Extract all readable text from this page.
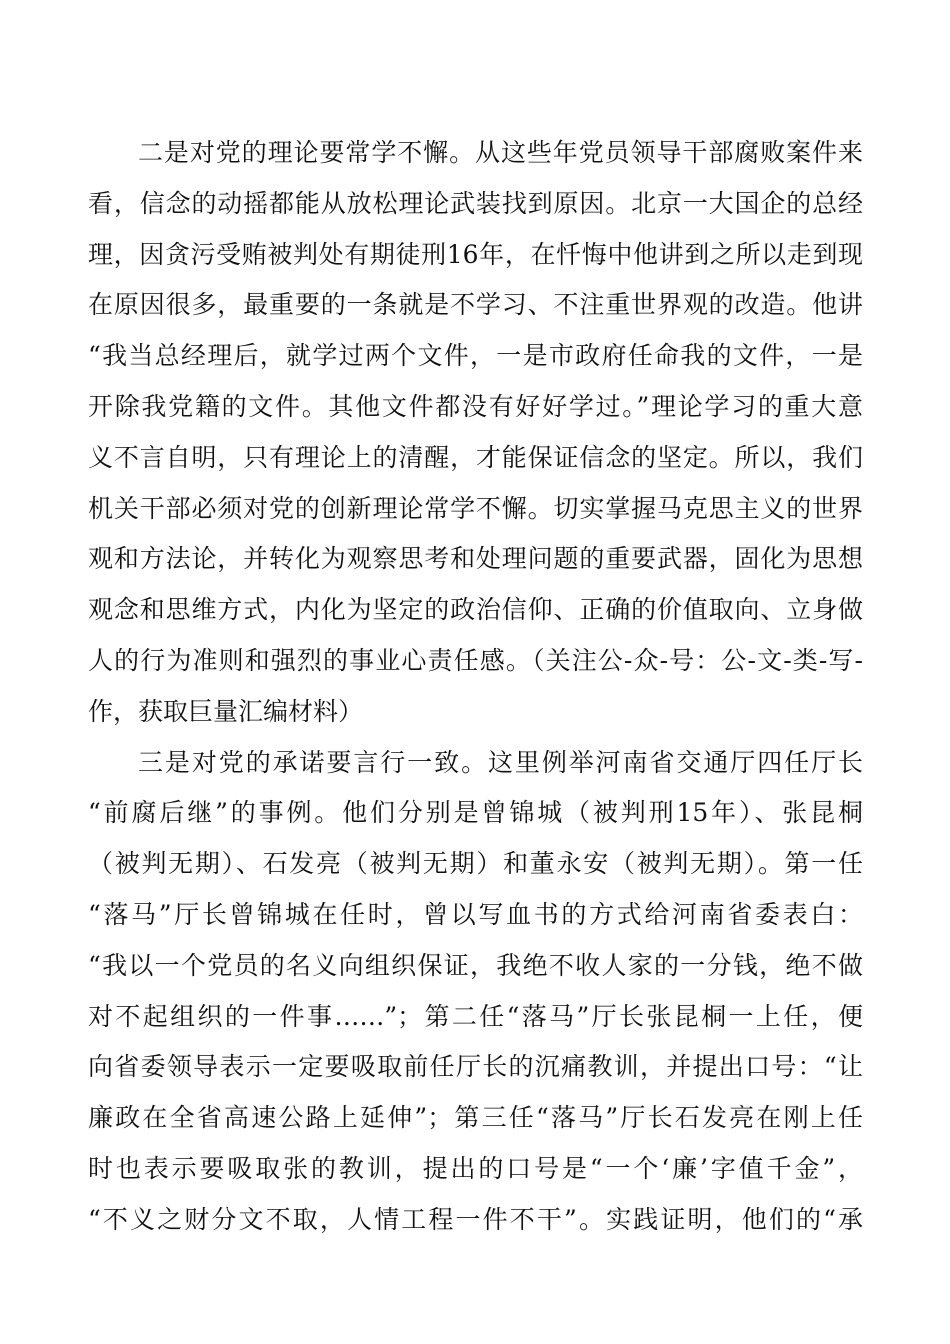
二是对党的理论要常学不懈。从这些年党员领导干部腐败案件来
看，信念的动摇都能从放松理论武装找到原因。北京一大国企的总经
理，因贪污受贿被判处有期徒刑16年，在忏悔中他讲到之所以走到现
在原因很多，最重要的一条就是不学习、不注重世界观的改造。他讲
“我当总经理后，就学过两个文件，一是市政府任命我的文件，一是
开除我党籍的文件。其他文件都没有好好学过。”理论学习的重大意
义不言自明，只有理论上的清醒，才能保证信念的坚定。所以，我们
机关干部必须对党的创新理论常学不懈。切实掌握马克思主义的世界
观和方法论，并转化为观察思考和处理问题的重要武器，固化为思想
观念和思维方式，内化为坚定的政治信仰、正确的价值取向、立身做
人的行为准则和强烈的事业心责任感。（关注公-众-号：公-文-类-写-
作，获取巨量汇编材料）
三是对党的承诺要言行一致。这里例举河南省交通厅四任厅长
“前腐后继”的事例。他们分别是曾锦城（被判刑15年）、张昆桐
（被判无期）、石发亮（被判无期）和董永安（被判无期）。第一任
“落马”厅长曾锦城在任时，曾以写血书的方式给河南省委表白：
“我以一个党员的名义向组织保证，我绝不收人家的一分钱，绝不做
对不起组织的一件事……”；第二任“落马”厅长张昆桐一上任，便
向省委领导表示一定要吸取前任厅长的沉痛教训，并提出口号：“让
廉政在全省高速公路上延伸”；第三任“落马”厅长石发亮在刚上任
时也表示要吸取张的教训，提出的口号是“一个‘廉’字值千金”，
“不义之财分文不取，人情工程一件不干”。实践证明，他们的“承
